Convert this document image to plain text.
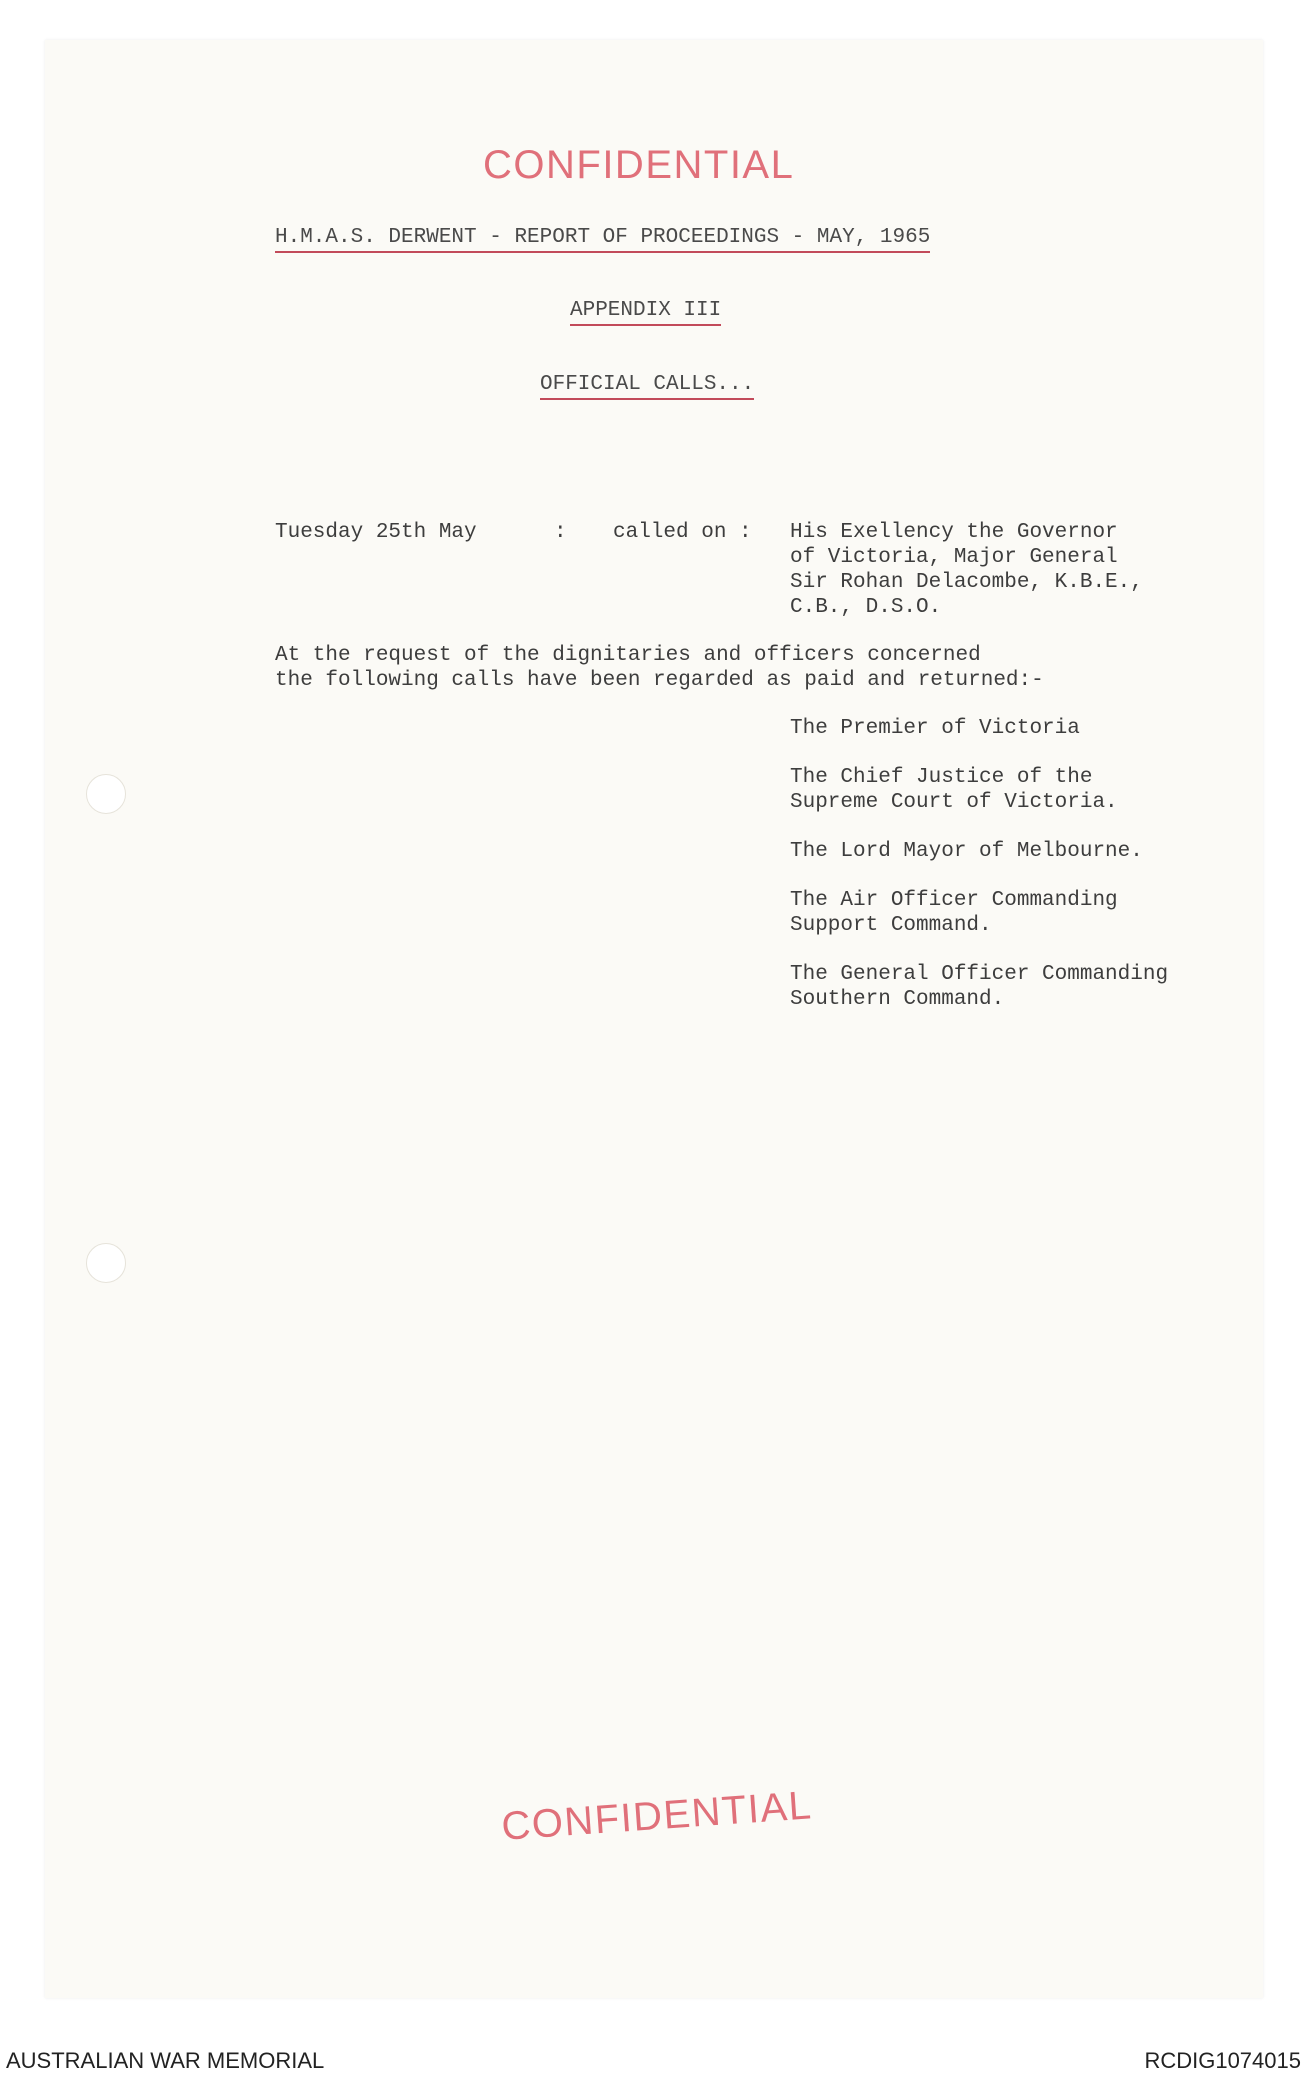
CONFIDENTIAL
H.M.A.S. DERWENT - REPORT OF PROCEEDINGS - MAY, 1965
APPENDIX III
OFFICIAL CALLS...
Tuesday 25th May	: called on : His Exellency the Governor
of Victoria, Major General
Sir Rohan Delacombe, K.B.E.,
C.B., D.S.O.
At the request of the dignitaries and officers concerned
the following calls have been regarded as paid and returned:-
The Premier of Victoria
The Chief Justice of the
Supreme Court of Victoria.
The Lord Mayor of Melbourne.
The Air Officer Commanding
Support Command.
The General Officer Commanding
Southern Command.
CONFIDENTIAL
AUSTRALIAN WAR MEMORIAL	RCDIG1074015
